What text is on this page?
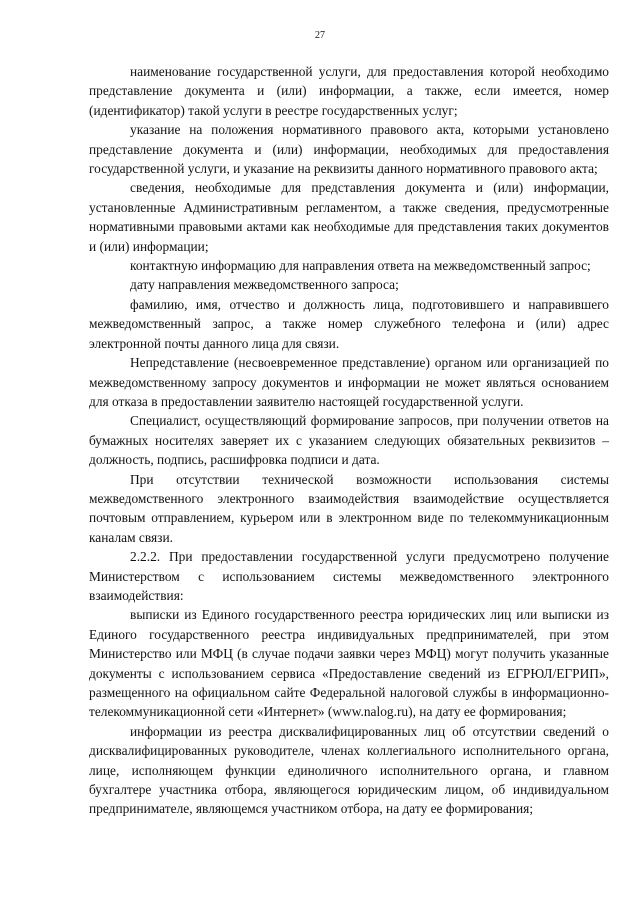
27

наименование государственной услуги, для предоставления которой необходимо представление документа и (или) информации, а также, если имеется, номер (идентификатор) такой услуги в реестре государственных услуг;

указание на положения нормативного правового акта, которыми установлено представление документа и (или) информации, необходимых для предоставления государственной услуги, и указание на реквизиты данного нормативного правового акта;

сведения, необходимые для представления документа и (или) информации, установленные Административным регламентом, а также сведения, предусмотренные нормативными правовыми актами как необходимые для представления таких документов и (или) информации;

контактную информацию для направления ответа на межведомственный запрос;

дату направления межведомственного запроса;

фамилию, имя, отчество и должность лица, подготовившего и направившего межведомственный запрос, а также номер служебного телефона и (или) адрес электронной почты данного лица для связи.

Непредставление (несвоевременное представление) органом или организацией по межведомственному запросу документов и информации не может являться основанием для отказа в предоставлении заявителю настоящей государственной услуги.

Специалист, осуществляющий формирование запросов, при получении ответов на бумажных носителях заверяет их с указанием следующих обязательных реквизитов – должность, подпись, расшифровка подписи и дата.

При отсутствии технической возможности использования системы межведомственного электронного взаимодействия взаимодействие осуществляется почтовым отправлением, курьером или в электронном виде по телекоммуникационным каналам связи.

2.2.2. При предоставлении государственной услуги предусмотрено получение Министерством с использованием системы межведомственного электронного взаимодействия:

выписки из Единого государственного реестра юридических лиц или выписки из Единого государственного реестра индивидуальных предпринимателей, при этом Министерство или МФЦ (в случае подачи заявки через МФЦ) могут получить указанные документы с использованием сервиса «Предоставление сведений из ЕГРЮЛ/ЕГРИП», размещенного на официальном сайте Федеральной налоговой службы в информационно-телекоммуникационной сети «Интернет» (www.nalog.ru), на дату ее формирования;

информации из реестра дисквалифицированных лиц об отсутствии сведений о дисквалифицированных руководителе, членах коллегиального исполнительного органа, лице, исполняющем функции единоличного исполнительного органа, и главном бухгалтере участника отбора, являющегося юридическим лицом, об индивидуальном предпринимателе, являющемся участником отбора, на дату ее формирования;
